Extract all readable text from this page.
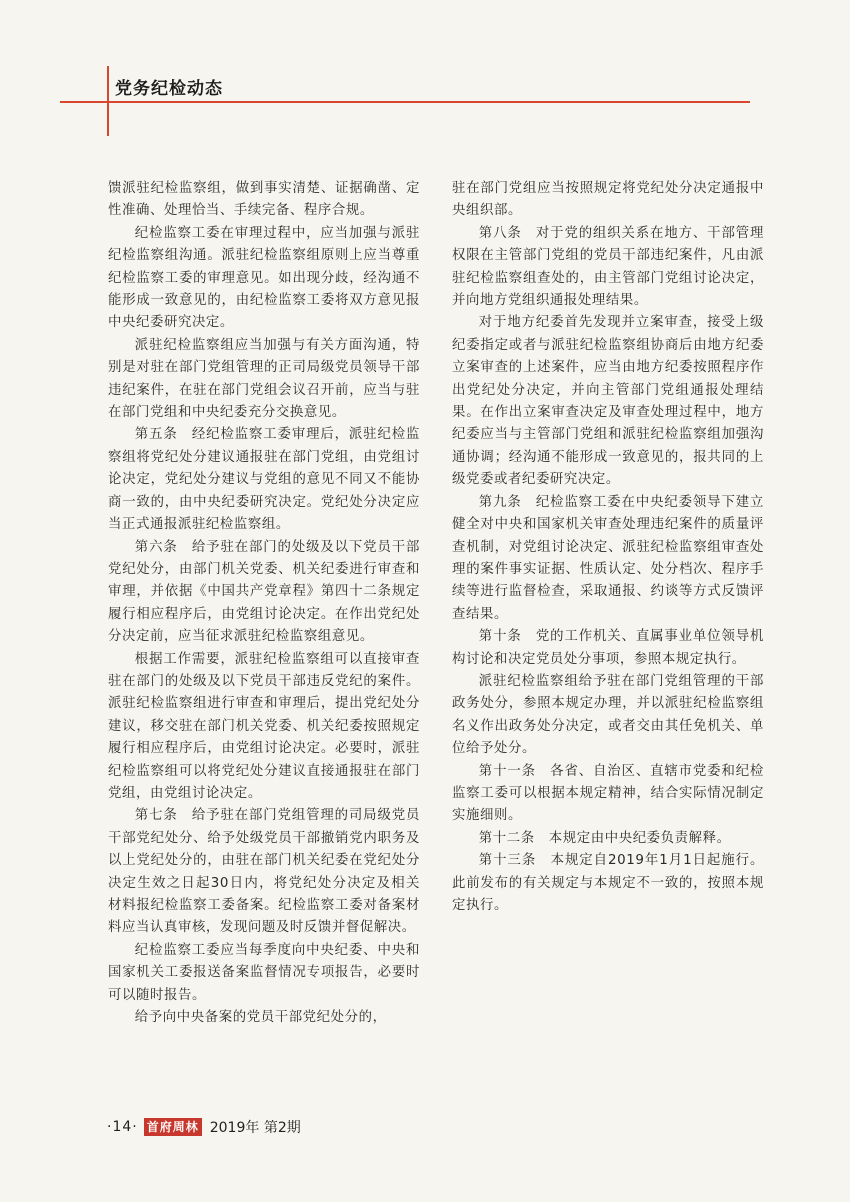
党务纪检动态

馈派驻纪检监察组，做到事实清楚、证据确凿、定性准确、处理恰当、手续完备、程序合规。

纪检监察工委在审理过程中，应当加强与派驻纪检监察组沟通。派驻纪检监察组原则上应当尊重纪检监察工委的审理意见。如出现分歧，经沟通不能形成一致意见的，由纪检监察工委将双方意见报中央纪委研究决定。

派驻纪检监察组应当加强与有关方面沟通，特别是对驻在部门党组管理的正司局级党员领导干部违纪案件，在驻在部门党组会议召开前，应当与驻在部门党组和中央纪委充分交换意见。

第五条　经纪检监察工委审理后，派驻纪检监察组将党纪处分建议通报驻在部门党组，由党组讨论决定，党纪处分建议与党组的意见不同又不能协商一致的，由中央纪委研究决定。党纪处分决定应当正式通报派驻纪检监察组。

第六条　给予驻在部门的处级及以下党员干部党纪处分，由部门机关党委、机关纪委进行审查和审理，并依据《中国共产党章程》第四十二条规定履行相应程序后，由党组讨论决定。在作出党纪处分决定前，应当征求派驻纪检监察组意见。

根据工作需要，派驻纪检监察组可以直接审查驻在部门的处级及以下党员干部违反党纪的案件。派驻纪检监察组进行审查和审理后，提出党纪处分建议，移交驻在部门机关党委、机关纪委按照规定履行相应程序后，由党组讨论决定。必要时，派驻纪检监察组可以将党纪处分建议直接通报驻在部门党组，由党组讨论决定。

第七条　给予驻在部门党组管理的司局级党员干部党纪处分、给予处级党员干部撤销党内职务及以上党纪处分的，由驻在部门机关纪委在党纪处分决定生效之日起30日内，将党纪处分决定及相关材料报纪检监察工委备案。纪检监察工委对备案材料应当认真审核，发现问题及时反馈并督促解决。

纪检监察工委应当每季度向中央纪委、中央和国家机关工委报送备案监督情况专项报告，必要时可以随时报告。

给予向中央备案的党员干部党纪处分的，

驻在部门党组应当按照规定将党纪处分决定通报中央组织部。

第八条　对于党的组织关系在地方、干部管理权限在主管部门党组的党员干部违纪案件，凡由派驻纪检监察组查处的，由主管部门党组讨论决定，并向地方党组织通报处理结果。

对于地方纪委首先发现并立案审查，接受上级纪委指定或者与派驻纪检监察组协商后由地方纪委立案审查的上述案件，应当由地方纪委按照程序作出党纪处分决定，并向主管部门党组通报处理结果。在作出立案审查决定及审查处理过程中，地方纪委应当与主管部门党组和派驻纪检监察组加强沟通协调；经沟通不能形成一致意见的，报共同的上级党委或者纪委研究决定。

第九条　纪检监察工委在中央纪委领导下建立健全对中央和国家机关审查处理违纪案件的质量评查机制，对党组讨论决定、派驻纪检监察组审查处理的案件事实证据、性质认定、处分档次、程序手续等进行监督检查，采取通报、约谈等方式反馈评查结果。

第十条　党的工作机关、直属事业单位领导机构讨论和决定党员处分事项，参照本规定执行。

派驻纪检监察组给予驻在部门党组管理的干部政务处分，参照本规定办理，并以派驻纪检监察组名义作出政务处分决定，或者交由其任免机关、单位给予处分。

第十一条　各省、自治区、直辖市党委和纪检监察工委可以根据本规定精神，结合实际情况制定实施细则。

第十二条　本规定由中央纪委负责解释。

第十三条　本规定自2019年1月1日起施行。此前发布的有关规定与本规定不一致的，按照本规定执行。

·14· 首府周林 2019年 第2期
